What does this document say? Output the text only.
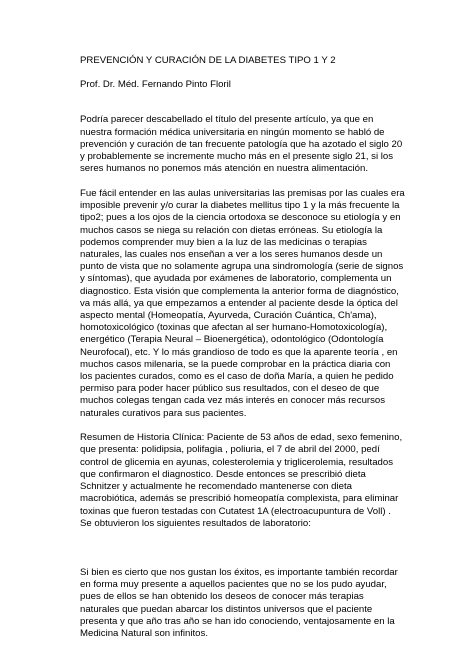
PREVENCIÓN Y CURACIÓN DE LA DIABETES TIPO 1 Y 2
Prof. Dr. Méd. Fernando Pinto Floril
Podría parecer descabellado el título del presente artículo, ya que en
nuestra formación médica universitaria en ningún momento se habló de
prevención y curación de tan frecuente patología que ha azotado el siglo 20
y probablemente se incremente mucho más en el presente siglo 21, si los
seres humanos no ponemos más atención en nuestra alimentación.
Fue fácil entender en las aulas universitarias las premisas por las cuales era
imposible prevenir y/o curar la diabetes mellitus tipo 1 y la más frecuente la
tipo2; pues a los ojos de la ciencia ortodoxa se desconoce su etiología y en
muchos casos se niega su relación con dietas erróneas. Su etiología la
podemos comprender muy bien a la luz de las medicinas o terapias
naturales, las cuales nos enseñan a ver a los seres humanos desde un
punto de vista que no solamente agrupa una sindromología (serie de signos
y síntomas), que ayudada por exámenes de laboratorio, complementa un
diagnostico. Esta visión que complementa la anterior forma de diagnóstico,
va más allá, ya que empezamos a entender al paciente desde la óptica del
aspecto mental (Homeopatía, Ayurveda, Curación Cuántica, Ch'ama),
homotoxicológico (toxinas que afectan al ser humano-Homotoxicología),
energético (Terapia Neural – Bioenergética), odontológico (Odontología
Neurofocal), etc. Y lo más grandioso de todo es que la aparente teoría , en
muchos casos milenaria, se la puede comprobar en la práctica diaria con
los pacientes curados, como es el caso de doña María, a quien he pedido
permiso para poder hacer público sus resultados, con el deseo de que
muchos colegas tengan cada vez más interés en conocer más recursos
naturales curativos para sus pacientes.
Resumen de Historia Clínica: Paciente de 53 años de edad, sexo femenino,
que presenta: polidipsia, polifagia , poliuria, el 7 de abril del 2000, pedí
control de glicemia en ayunas, colesterolemia y triglicerolemia, resultados
que confirmaron el diagnostico. Desde entonces se prescribió dieta
Schnitzer y actualmente he recomendado mantenerse con dieta
macrobiótica, además se prescribió homeopatía complexista, para eliminar
toxinas que fueron testadas con Cutatest 1A (electroacupuntura de Voll) .
Se obtuvieron los siguientes resultados de laboratorio:
Si bien es cierto que nos gustan los éxitos, es importante también recordar
en forma muy presente a aquellos pacientes que no se los pudo ayudar,
pues de ellos se han obtenido los deseos de conocer más terapias
naturales que puedan abarcar los distintos universos que el paciente
presenta y que año tras año se han ido conociendo, ventajosamente en la
Medicina Natural son infinitos.
